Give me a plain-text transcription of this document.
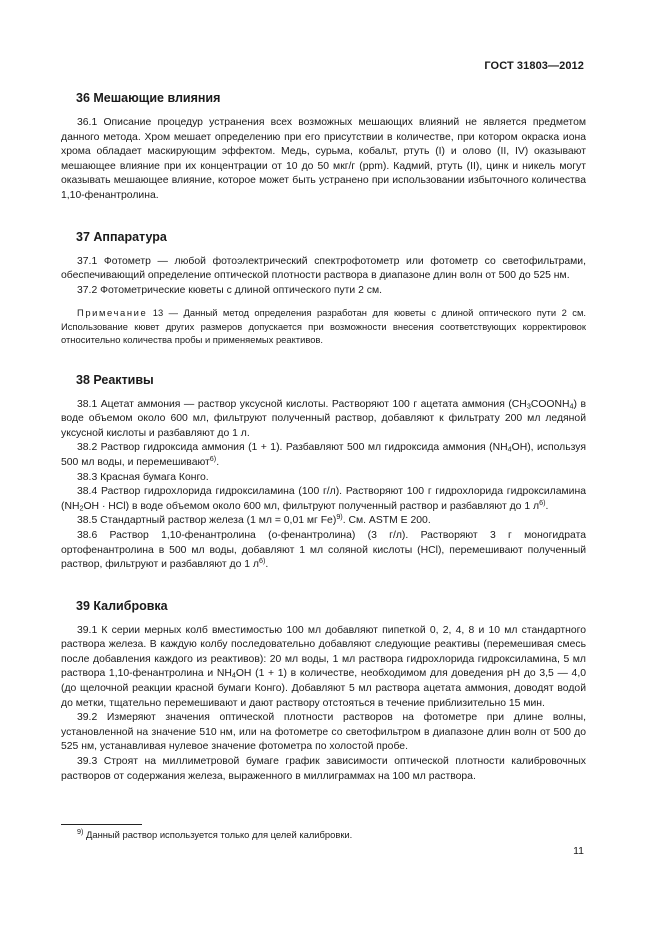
ГОСТ 31803—2012
36 Мешающие влияния

36.1 Описание процедур устранения всех возможных мешающих влияний не является предметом данного метода. Хром мешает определению при его присутствии в количестве, при котором окраска иона хрома обладает маскирующим эффектом. Медь, сурьма, кобальт, ртуть (I) и олово (II, IV) оказывают мешающее влияние при их концентрации от 10 до 50 мкг/г (ppm). Кадмий, ртуть (II), цинк и никель могут оказывать мешающее влияние, которое может быть устранено при использовании избыточного количества 1,10-фенантролина.

37 Аппаратура

37.1 Фотометр — любой фотоэлектрический спектрофотометр или фотометр со светофильтрами, обеспечивающий определение оптической плотности раствора в диапазоне длин волн от 500 до 525 нм.

37.2 Фотометрические кюветы с длиной оптического пути 2 см.

Примечание 13 — Данный метод определения разработан для кюветы с длиной оптического пути 2 см. Использование кювет других размеров допускается при возможности внесения соответствующих корректировок относительно количества пробы и применяемых реактивов.
38 Реактивы

38.1 Ацетат аммония — раствор уксусной кислоты. Растворяют 100 г ацетата аммония $(CH_3COONH_4)$ в воде объемом около 600 мл, фильтруют полученный раствор, добавляют к фильтрату 200 мл ледяной уксусной кислоты и разбавляют до 1 л.

38.2 Раствор гидроксида аммония (1 + 1). Разбавляют 500 мл гидроксида аммония $(NH_4OH)$, используя 500 мл воды, и перемешивают$^{6)}$.

38.3 Красная бумага Конго.

38.4 Раствор гидрохлорида гидроксиламина (100 г/л). Растворяют 100 г гидрохлорида гидроксиламина $(NH_2OH \cdot HCl)$ в воде объемом около 600 мл, фильтруют полученный раствор и разбавляют до 1 $л^{6)}$.

38.5 Стандартный раствор железа (1 мл = 0,01 мг Fe)$^{9)}$. См. ASTM E 200.

38.6 Раствор 1,10-фенантролина (о-фенантролина) (3 г/л). Растворяют 3 г моногидрата ортофенантролина в 500 мл воды, добавляют 1 мл соляной кислоты (HCl), перемешивают полученный раствор, фильтруют и разбавляют до 1 $л^{6)}$.

39 Калибровка

39.1 К серии мерных колб вместимостью 100 мл добавляют пипеткой 0, 2, 4, 8 и 10 мл стандартного раствора железа. В каждую колбу последовательно добавляют следующие реактивы (перемешивая смесь после добавления каждого из реактивов): 20 мл воды, 1 мл раствора гидрохлорида гидроксиламина, 5 мл раствора 1,10-фенантролина и $NH_4OH$ (1 + 1) в количестве, необходимом для доведения pH до 3,5 — 4,0 (до щелочной реакции красной бумаги Конго). Добавляют 5 мл раствора ацетата аммония, доводят водой до метки, тщательно перемешивают и дают раствору отстояться в течение приблизительно 15 мин.

39.2 Измеряют значения оптической плотности растворов на фотометре при длине волны, установленной на значение 510 нм, или на фотометре со светофильтром в диапазоне длин волн от 500 до 525 нм, устанавливая нулевое значение фотометра по холостой пробе.

39.3 Строят на миллиметровой бумаге график зависимости оптической плотности калибровочных растворов от содержания железа, выраженного в миллиграммах на 100 мл раствора.

$^{9)}$ Данный раствор используется только для целей калибровки.
11
